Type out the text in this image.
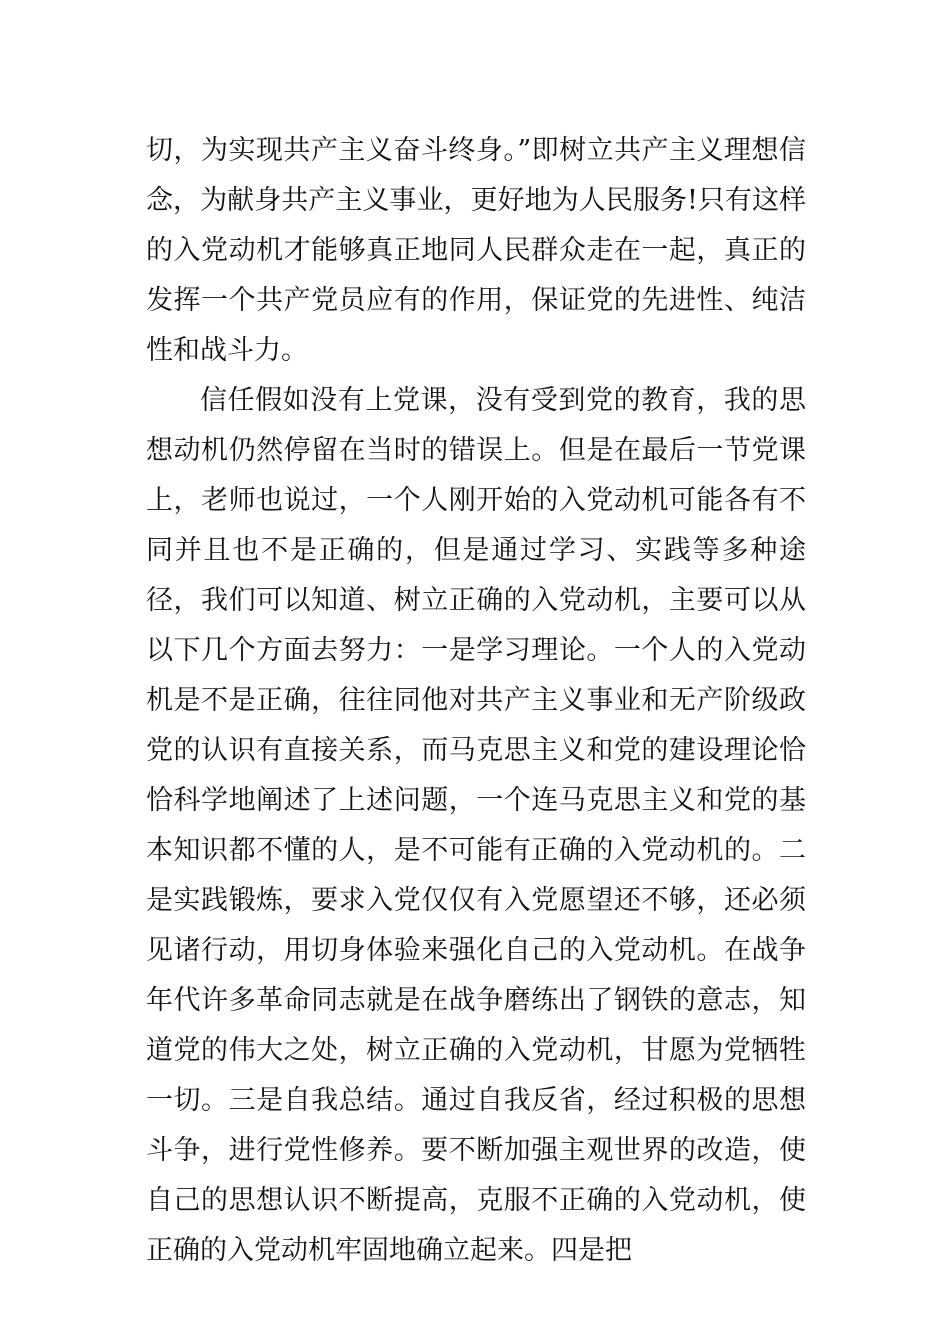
切，为实现共产主义奋斗终身。”即树立共产主义理想信念，为献身共产主义事业，更好地为人民服务!只有这样的入党动机才能够真正地同人民群众走在一起，真正的发挥一个共产党员应有的作用，保证党的先进性、纯洁性和战斗力。

信任假如没有上党课，没有受到党的教育，我的思想动机仍然停留在当时的错误上。但是在最后一节党课上，老师也说过，一个人刚开始的入党动机可能各有不同并且也不是正确的，但是通过学习、实践等多种途径，我们可以知道、树立正确的入党动机，主要可以从以下几个方面去努力：一是学习理论。一个人的入党动机是不是正确，往往同他对共产主义事业和无产阶级政党的认识有直接关系，而马克思主义和党的建设理论恰恰科学地阐述了上述问题，一个连马克思主义和党的基本知识都不懂的人，是不可能有正确的入党动机的。二是实践锻炼，要求入党仅仅有入党愿望还不够，还必须见诸行动，用切身体验来强化自己的入党动机。在战争年代许多革命同志就是在战争磨练出了钢铁的意志，知道党的伟大之处，树立正确的入党动机，甘愿为党牺牲一切。三是自我总结。通过自我反省，经过积极的思想斗争，进行党性修养。要不断加强主观世界的改造，使自己的思想认识不断提高，克服不正确的入党动机，使正确的入党动机牢固地确立起来。四是把
